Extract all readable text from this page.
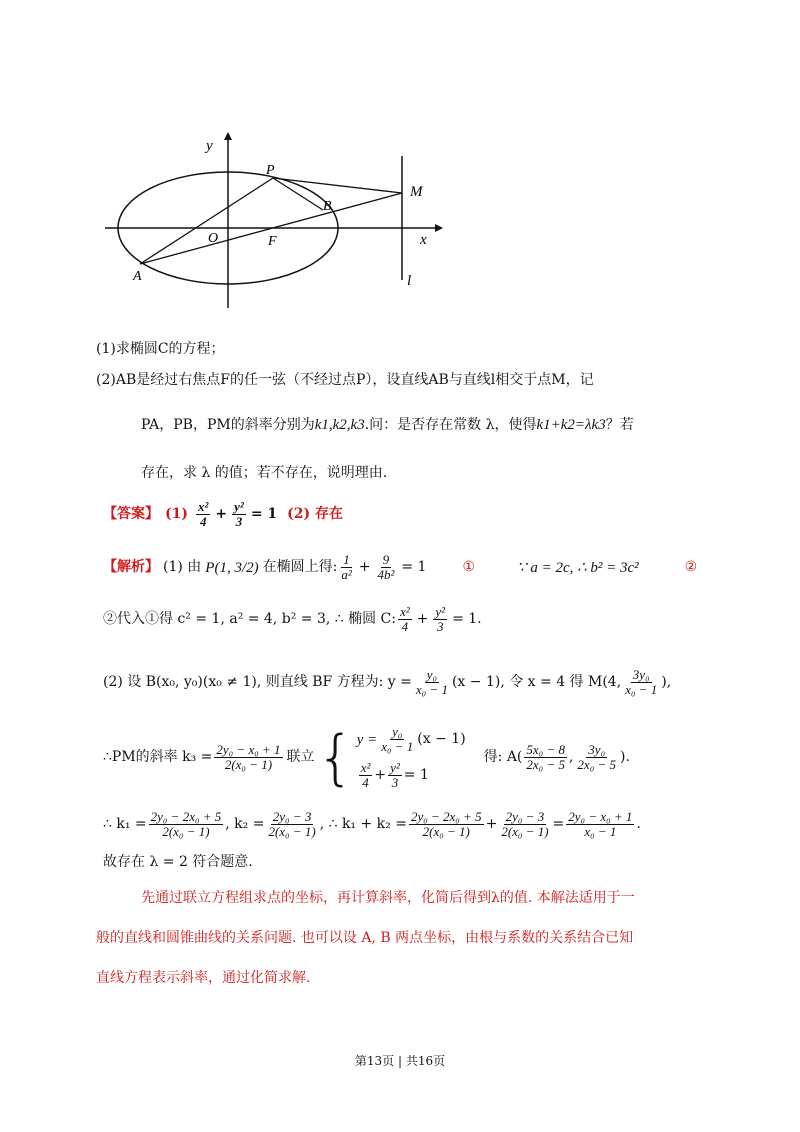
y
x
O	F
P
B
A
M
l
(1)求椭圆C的方程；
(2)AB是经过右焦点F的任一弦（不经过点P），设直线AB与直线l相交于点M，记
PA，PB，PM的斜率分别为k1,k2,k3.问：是否存在常数 λ，使得k1+k2=λk3？若
存在，求 λ 的值；若不存在，说明理由.
【答案】 $(1) \frac{\text{x²}}{4} + \frac{\text{y²}}{3} = 1$ (2) 存在
【解析】 (1) 由 P(1, 3/2) 在椭圆上得: $\frac{1}{\text{a²}} + \frac{9}{\text{4b²}} = 1$	①	∵ a = 2c, ∴ b² = 3c²	②
②代入①得 c² = 1, a² = 4, b² = 3, ∴ 椭圆 C: $\frac{\text{x²}}{4} + \frac{\text{y²}}{3} = 1$.
(2) 设 B(x₀, y₀)(x₀ ≠ 1), 则直线 BF 方程为: $y = \frac{\text{y₀}}{\text{x₀ − 1}} (x - 1)$, 令 x = 4 得 M(4, $\frac{\text{3y₀}}{\text{x₀ − 1}}$ ),
∴PM的斜率 $k_3 = \frac{\text{2y₀ − x₀ + 1}}{\text{2(x₀ − 1)}}$ 联立 { $y = \frac{\text{y₀}}{\text{x₀ − 1}} (x - 1)$
$\frac{\text{x²}}{4} + \frac{\text{y²}}{3} = 1$
得: $A( \frac{\text{5x₀ − 8}}{\text{2x₀ − 5}}$ , $\frac{\text{3y₀}}{\text{2x₀ − 5}}$ ).
∴ $k_1 = \frac{\text{2y₀ − 2x₀ + 5}}{\text{2(x₀ − 1)}}$ , $k_2 = \frac{\text{2y₀ − 3}}{\text{2(x₀ − 1)}}$ , ∴ $k_1 + k_2 = \frac{\text{2y₀ − 2x₀ + 5}}{\text{2(x₀ − 1)}} + \frac{\text{2y₀ − 3}}{\text{2(x₀ − 1)}} = \frac{\text{2y₀ − x₀ + 1}}{\text{x₀ − 1}}$ .
故存在 λ = 2 符合题意.
先通过联立方程组求点的坐标，再计算斜率，化简后得到λ的值. 本解法适用于一
般的直线和圆锥曲线的关系问题. 也可以设 A, B 两点坐标，由根与系数的关系结合已知
直线方程表示斜率，通过化简求解.
第13页 | 共16页
